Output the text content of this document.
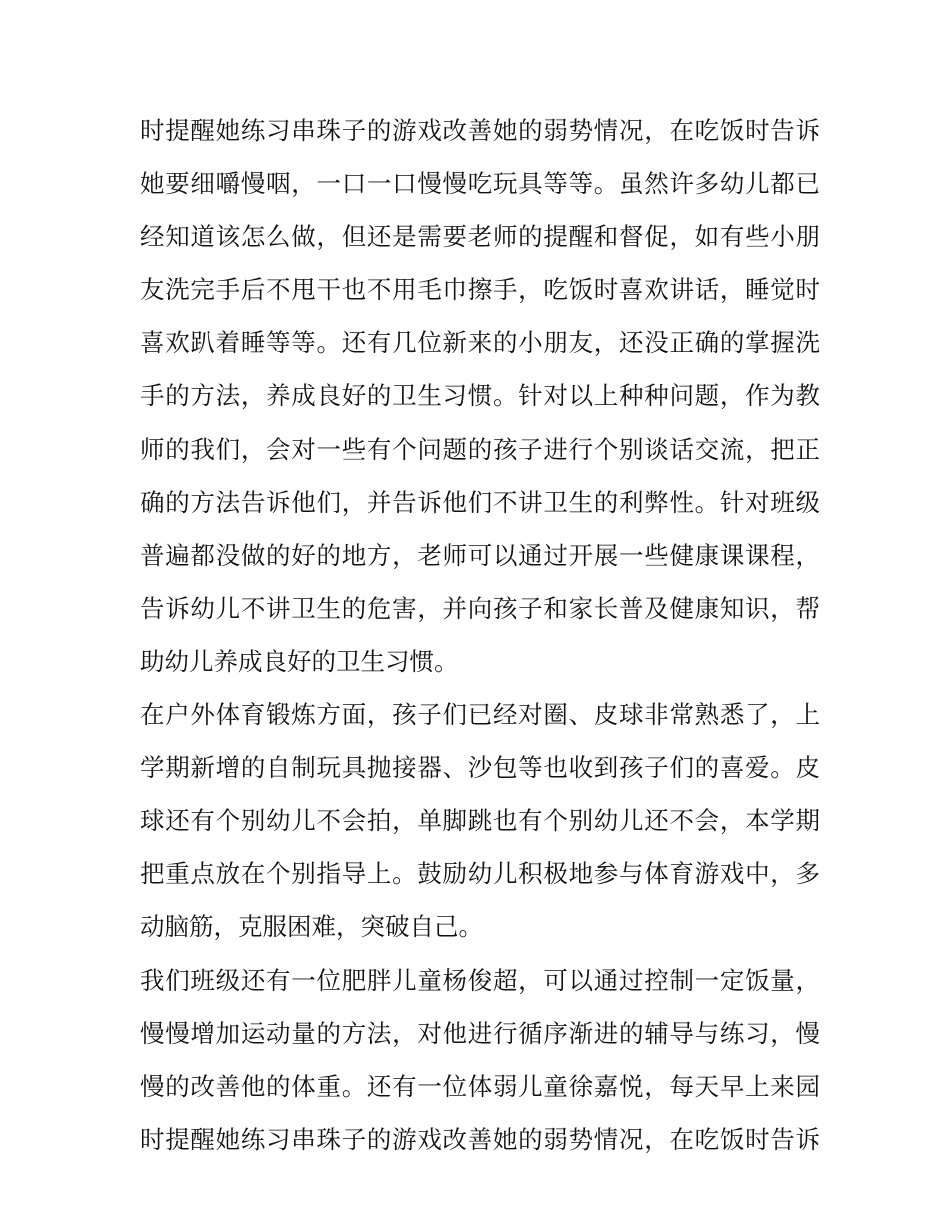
时提醒她练习串珠子的游戏改善她的弱势情况，在吃饭时告诉
她要细嚼慢咽，一口一口慢慢吃玩具等等。虽然许多幼儿都已
经知道该怎么做，但还是需要老师的提醒和督促，如有些小朋
友洗完手后不甩干也不用毛巾擦手，吃饭时喜欢讲话，睡觉时
喜欢趴着睡等等。还有几位新来的小朋友，还没正确的掌握洗
手的方法，养成良好的卫生习惯。针对以上种种问题，作为教
师的我们，会对一些有个问题的孩子进行个别谈话交流，把正
确的方法告诉他们，并告诉他们不讲卫生的利弊性。针对班级
普遍都没做的好的地方，老师可以通过开展一些健康课课程，
告诉幼儿不讲卫生的危害，并向孩子和家长普及健康知识，帮
助幼儿养成良好的卫生习惯。
在户外体育锻炼方面，孩子们已经对圈、皮球非常熟悉了，上
学期新增的自制玩具抛接器、沙包等也收到孩子们的喜爱。皮
球还有个别幼儿不会拍，单脚跳也有个别幼儿还不会，本学期
把重点放在个别指导上。鼓励幼儿积极地参与体育游戏中，多
动脑筋，克服困难，突破自己。
我们班级还有一位肥胖儿童杨俊超，可以通过控制一定饭量，
慢慢增加运动量的方法，对他进行循序渐进的辅导与练习，慢
慢的改善他的体重。还有一位体弱儿童徐嘉悦，每天早上来园
时提醒她练习串珠子的游戏改善她的弱势情况，在吃饭时告诉
